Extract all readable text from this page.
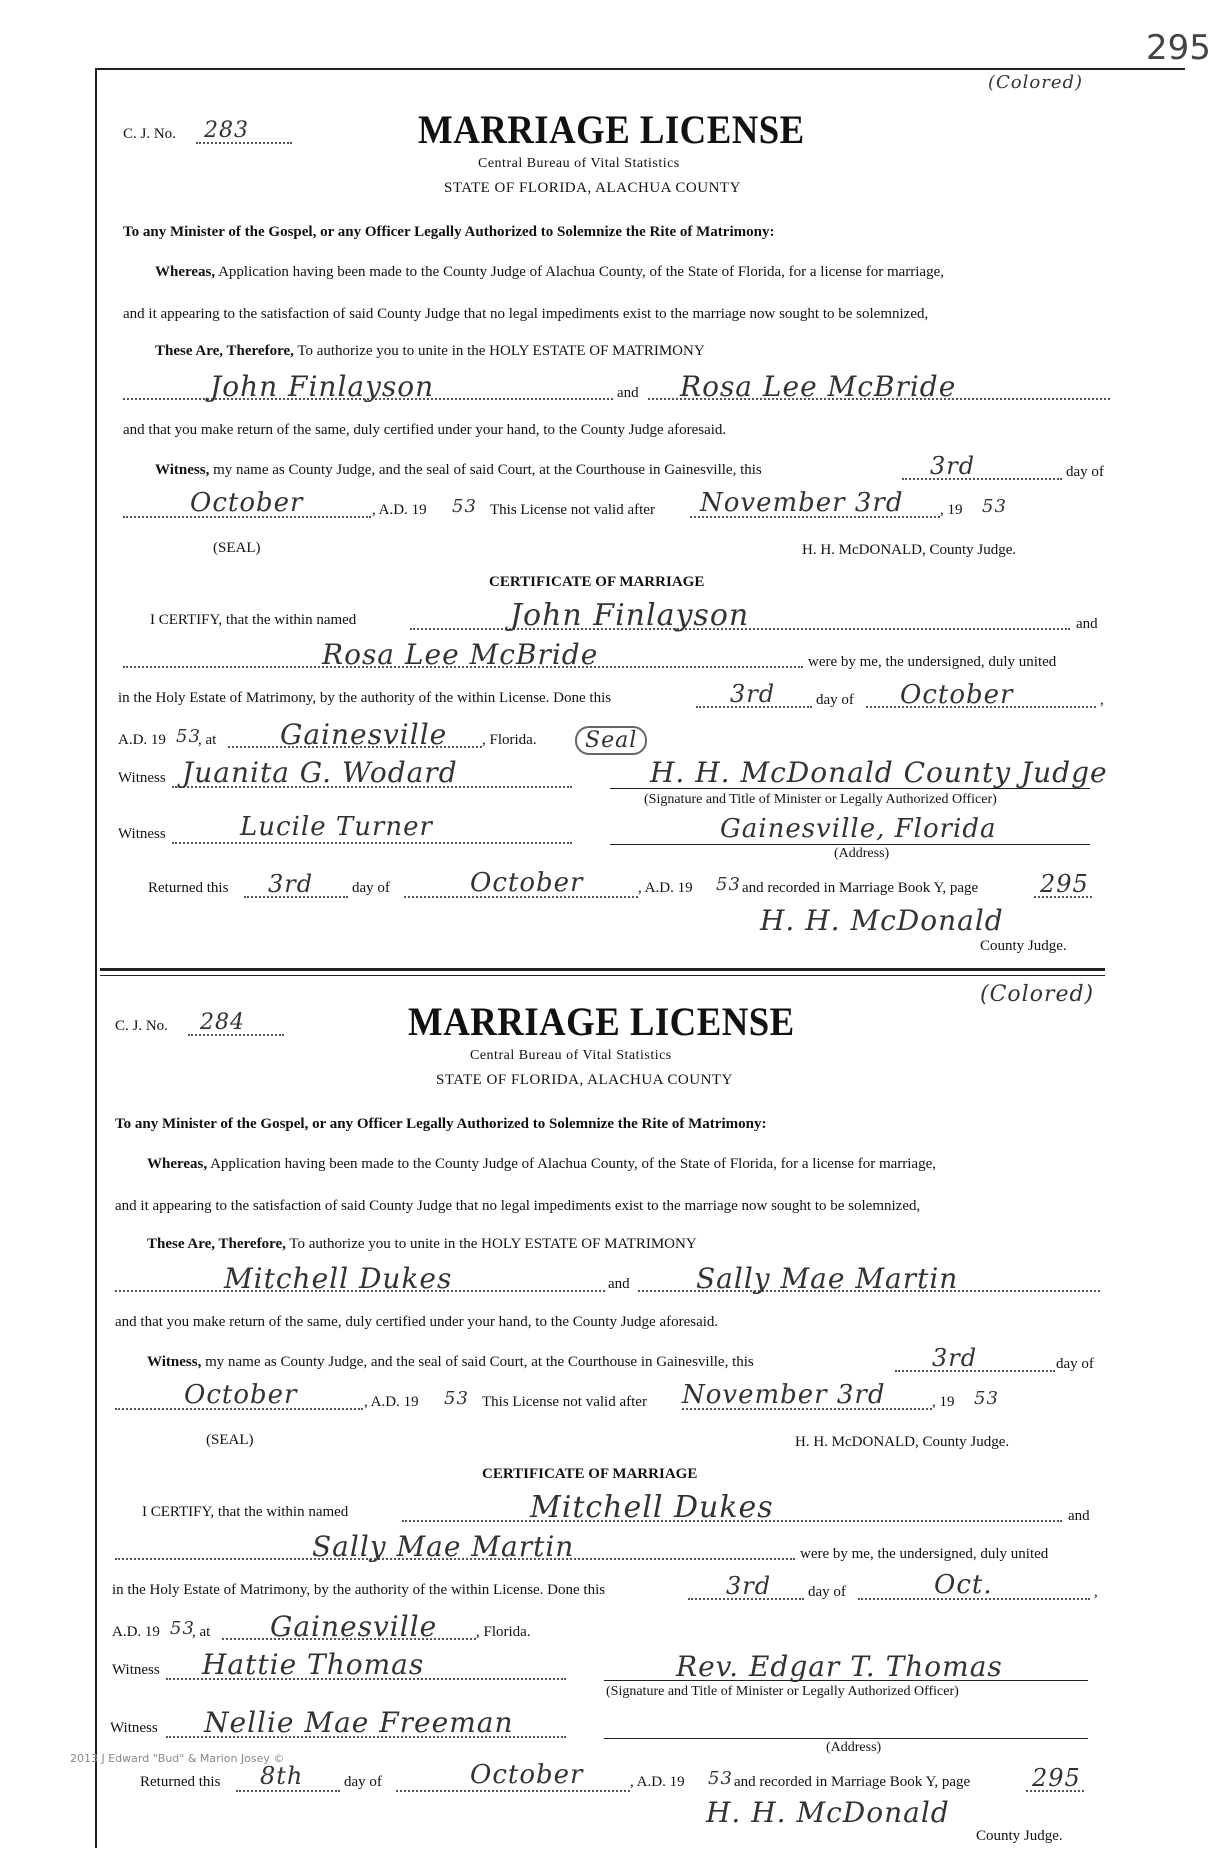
295
(Colored)
C. J. No. 283	MARRIAGE LICENSE
Central Bureau of Vital Statistics
STATE OF FLORIDA, ALACHUA COUNTY
To any Minister of the Gospel, or any Officer Legally Authorized to Solemnize the Rite of Matrimony:
Whereas, Application having been made to the County Judge of Alachua County, of the State of Florida, for a license for marriage,
and it appearing to the satisfaction of said County Judge that no legal impediments exist to the marriage now sought to be solemnized,
These Are, Therefore, To authorize you to unite in the HOLY ESTATE OF MATRIMONY
John Finlayson	and Rosa Lee McBride
and that you make return of the same, duly certified under your hand, to the County Judge aforesaid.
Witness, my name as County Judge, and the seal of said Court, at the Courthouse in Gainesville, this	3rd	day of
October	, A.D. 19 53 This License not valid after November 3rd , 19 53
(SEAL)	H. H. McDONALD, County Judge.
CERTIFICATE OF MARRIAGE
I CERTIFY, that the within named	John Finlayson	and
Rosa Lee McBride	were by me, the undersigned, duly united
in the Holy Estate of Matrimony, by the authority of the within License. Done this	3rd	day of October	,
A.D. 19 53
, at Gainesville , Florida.	Seal
Witness Juanita G. Wodard	H. H. McDonald County Judge
(Signature and Title of Minister or Legally Authorized Officer)
Witness	Lucile Turner	Gainesville, Florida
(Address)
Returned this 3rd	day of	October	, A.D. 19 53 and recorded in Marriage Book Y, page	295
H. H. McDonald
County Judge.
(Colored)
C. J. No. 284	MARRIAGE LICENSE
Central Bureau of Vital Statistics
STATE OF FLORIDA, ALACHUA COUNTY
To any Minister of the Gospel, or any Officer Legally Authorized to Solemnize the Rite of Matrimony:
Whereas, Application having been made to the County Judge of Alachua County, of the State of Florida, for a license for marriage,
and it appearing to the satisfaction of said County Judge that no legal impediments exist to the marriage now sought to be solemnized,
These Are, Therefore, To authorize you to unite in the HOLY ESTATE OF MATRIMONY
Mitchell Dukes	and Sally Mae Martin
and that you make return of the same, duly certified under your hand, to the County Judge aforesaid.
Witness, my name as County Judge, and the seal of said Court, at the Courthouse in Gainesville, this	3rd	day of
October	, A.D. 19 53 This License not valid after November 3rd	, 19 53
(SEAL)	H. H. McDONALD, County Judge.
CERTIFICATE OF MARRIAGE
I CERTIFY, that the within named	Mitchell Dukes	and
Sally Mae Martin	were by me, the undersigned, duly united
in the Holy Estate of Matrimony, by the authority of the within License. Done this	3rd day of	Oct.	,
A.D. 19 53
, at Gainesville	, Florida.
Witness Hattie Thomas	Rev. Edgar T. Thomas
(Signature and Title of Minister or Legally Authorized Officer)
Witness Nellie Mae Freeman
(Address)
2013 J Edward "Bud" & Marion Josey ©
Returned this 8th	day of	October	, A.D. 19 53 and recorded in Marriage Book Y, page	295
H. H. McDonald
County Judge.
